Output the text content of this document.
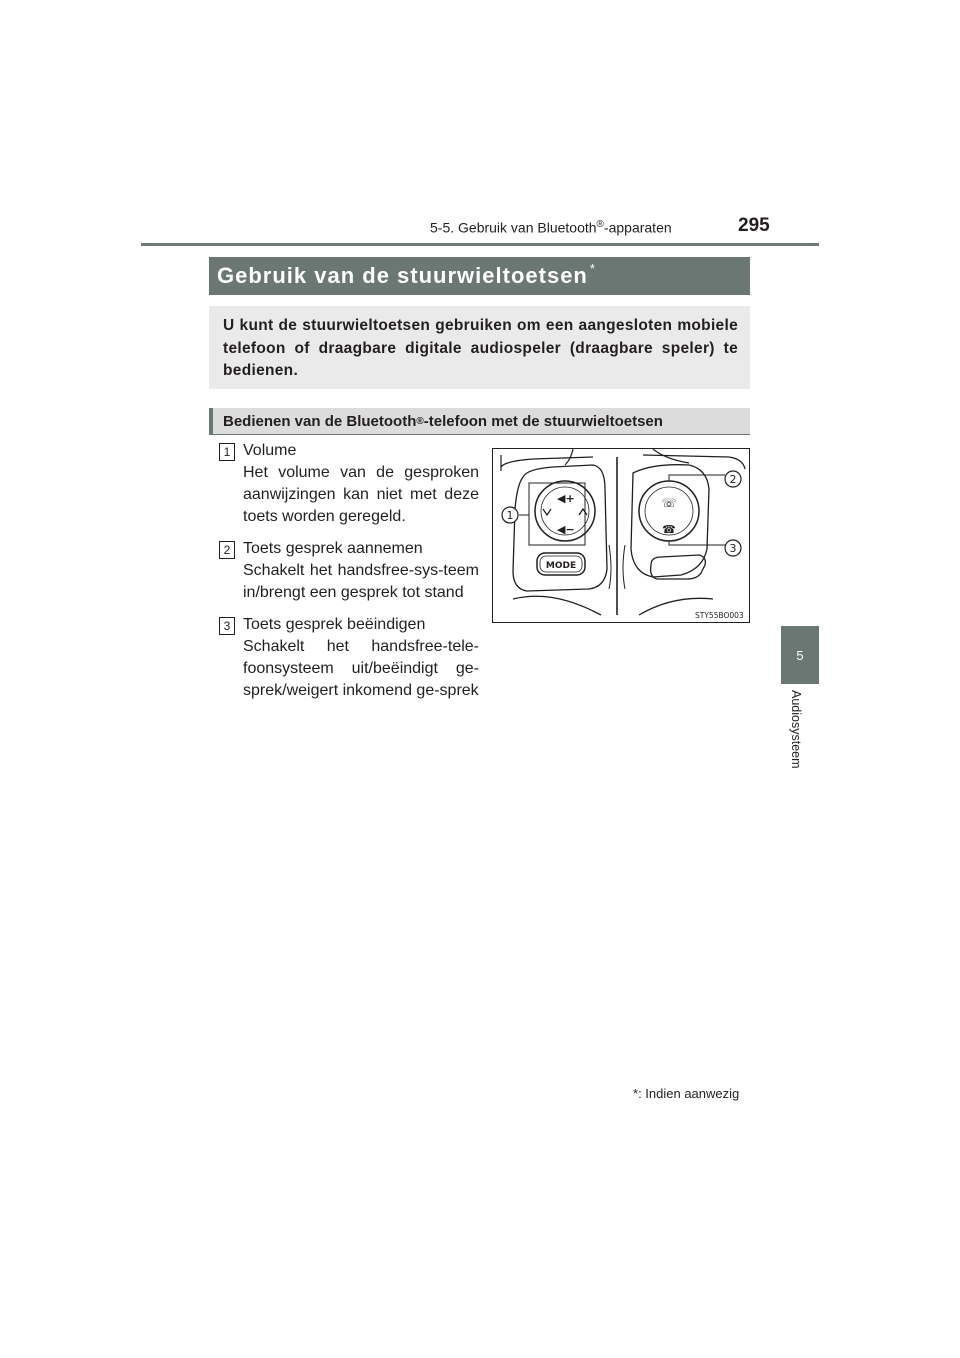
5-5. Gebruik van Bluetooth®-apparaten	295
Gebruik van de stuurwieltoetsen *
U kunt de stuurwieltoetsen gebruiken om een aangesloten mobiele telefoon of draagbare digitale audiospeler (draagbare speler) te bedienen.
Bedienen van de Bluetooth ® -telefoon met de stuurwieltoetsen
1 Volume
Het volume van de gesproken aanwijzingen kan niet met deze toets worden geregeld.
2 Toets gesprek aannemen
Schakelt het handsfree-sys-teem in/brengt een gesprek tot stand
3 Toets gesprek beëindigen
Schakelt het handsfree-tele-foonsysteem uit/beëindigt ge-sprek/weigert inkomend ge-sprek
◀+
◀−
MODE
1
☏
☎
2
3
STY55BO003
5
Audiosysteem
*: Indien aanwezig
